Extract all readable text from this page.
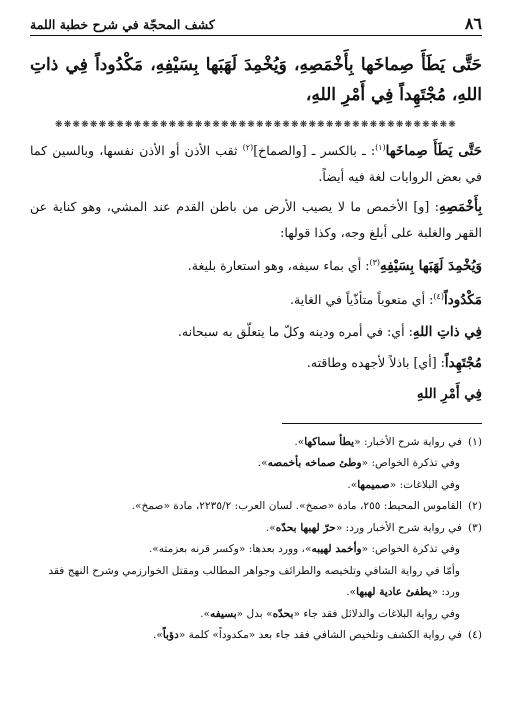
٨٦
كشف المحجّة في شرح خطبة اللمة
حَتَّى يَطَأَ صِماخَها بِأَخْمَصِهِ، وَيُخْمِدَ لَهَبَها بِسَيْفِهِ، مَكْدُوداً فِي ذاتِ اللهِ، مُجْتَهِداً فِي أَمْرِ اللهِ،
❋❋❋❋❋❋❋❋❋❋❋❋❋❋❋❋❋❋❋❋❋❋❋❋❋❋❋❋❋❋❋❋❋❋❋❋❋❋❋❋❋❋❋❋❋❋

حَتَّى يَطَأَ صِماخَها$^{(١)}$: ـ بالكسر ـ [والصماخ]$^{(٢)}$ ثقب الأذن أو الأذن نفسها، وبالسين كما في بعض الروايات لغة فيه أيضاً.

بِأَخْمَصِهِ: [و] الأخمص ما لا يصيب الأرض من باطن القدم عند المشي، وهو كناية عن القهر والغلبة على أبلغ وجه، وكذا قولها:

وَيُخْمِدَ لَهَبَها بِسَيْفِهِ$^{(٣)}$: أي بماء سيفه، وهو استعارة بليغة.

مَكْدُوداً$^{(٤)}$: أي متعوباً متأذّياً في الغاية.

فِي ذاتِ اللهِ: أي: في أمره ودينه وكلّ ما يتعلّق به سبحانه.

مُجْتَهِداً: [أي] باذلاً لأجهده وطاقته.

فِي أَمْرِ اللهِ

(١)
في رواية شرح الأخبار: «يطأ سماكها».
وفي تذكرة الخواص: «وطئ صماخه بأخمصه».
وفي البلاغات: «صميمها».
(٢)
القاموس المحيط: ٢٥٥، مادة «صمخ». لسان العرب: ٢٢٣٥/٢، مادة «صمخ».
(٣)
في رواية شرح الأخبار ورد: «حرّ لهبها بحدّه».
وفي تذكرة الخواص: «وأخمد لهيبه»، وورد بعدها: «وكسر قرنه بعزمته».
وأمّا في رواية الشافي وتلخيصه والطرائف وجواهر المطالب ومقتل الخوارزمي وشرح النهج فقد ورد: «يطفئ عادية لهبها».
وفي رواية البلاغات والدلائل فقد جاء «بحدّه» بدل «بسيفه».
(٤)
في رواية الكشف وتلخيص الشافي فقد جاء بعد «مكدوداً» كلمة «دؤباً».
